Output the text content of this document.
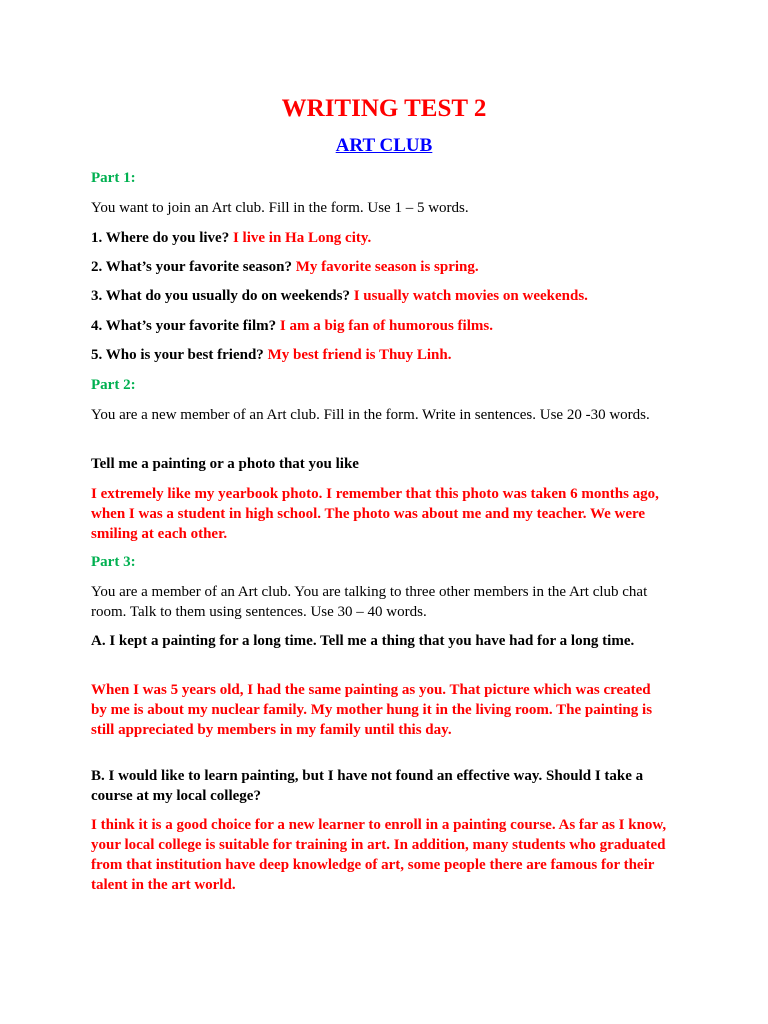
WRITING TEST 2
ART CLUB

Part 1:

You want to join an Art club. Fill in the form. Use 1 – 5 words.

1. Where do you live? I live in Ha Long city.

2. What’s your favorite season? My favorite season is spring.

3. What do you usually do on weekends? I usually watch movies on weekends.

4. What’s your favorite film? I am a big fan of humorous films.

5. Who is your best friend? My best friend is Thuy Linh.

Part 2:

You are a new member of an Art club. Fill in the form. Write in sentences. Use 20 -30 words.

Tell me a painting or a photo that you like

I extremely like my yearbook photo. I remember that this photo was taken 6 months ago, when I was a student in high school. The photo was about me and my teacher. We were smiling at each other.

Part 3:

You are a member of an Art club. You are talking to three other members in the Art club chat room. Talk to them using sentences. Use 30 – 40 words.

A. I kept a painting for a long time. Tell me a thing that you have had for a long time.

When I was 5 years old, I had the same painting as you. That picture which was created by me is about my nuclear family. My mother hung it in the living room. The painting is still appreciated by members in my family until this day.

B. I would like to learn painting, but I have not found an effective way. Should I take a course at my local college?

I think it is a good choice for a new learner to enroll in a painting course. As far as I know, your local college is suitable for training in art. In addition, many students who graduated from that institution have deep knowledge of art, some people there are famous for their talent in the art world.
